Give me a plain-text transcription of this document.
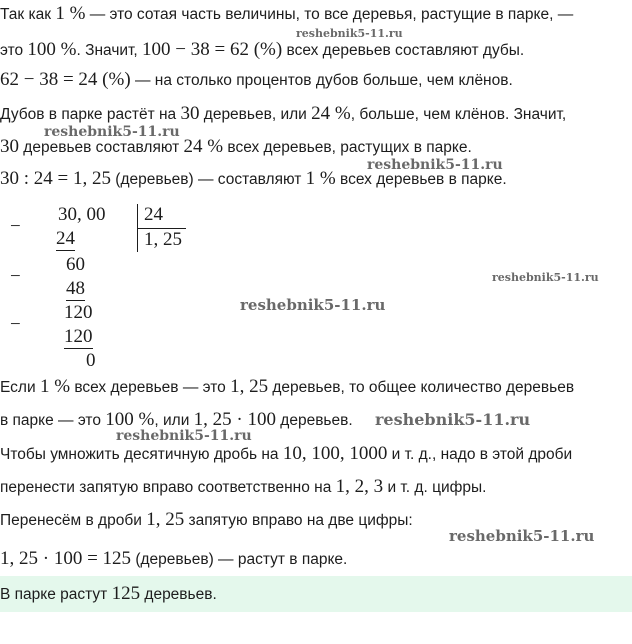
Так как 1 % — это сотая часть величины, то все деревья, растущие в парке, —
это 100 %. Значит, 100 − 38 = 62 (%) всех деревьев составляют дубы.
62 − 38 = 24 (%) — на столько процентов дубов больше, чем клёнов.
Дубов в парке растёт на 30 деревьев, или 24 %, больше, чем клёнов. Значит,
30 деревьев составляют 24 % всех деревьев, растущих в парке.
30 : 24 = 1, 25 (деревьев) — составляют 1 % всех деревьев в парке.
−
−
−
30, 00
24
60
48
120
120
0
24
1, 25
Если 1 % всех деревьев — это 1, 25 деревьев, то общее количество деревьев
в парке — это 100 %, или 1, 25 · 100 деревьев.
Чтобы умножить десятичную дробь на 10, 100, 1000 и т. д., надо в этой дроби
перенести запятую вправо соответственно на 1, 2, 3 и т. д. цифры.
Перенесём в дроби 1, 25 запятую вправо на две цифры:
1, 25 · 100 = 125 (деревьев) — растут в парке.
В парке растут 125 деревьев.
reshebnik5-11.ru
reshebnik5-11.ru
reshebnik5-11.ru
reshebnik5-11.ru
reshebnik5-11.ru
reshebnik5-11.ru
reshebnik5-11.ru
reshebnik5-11.ru
